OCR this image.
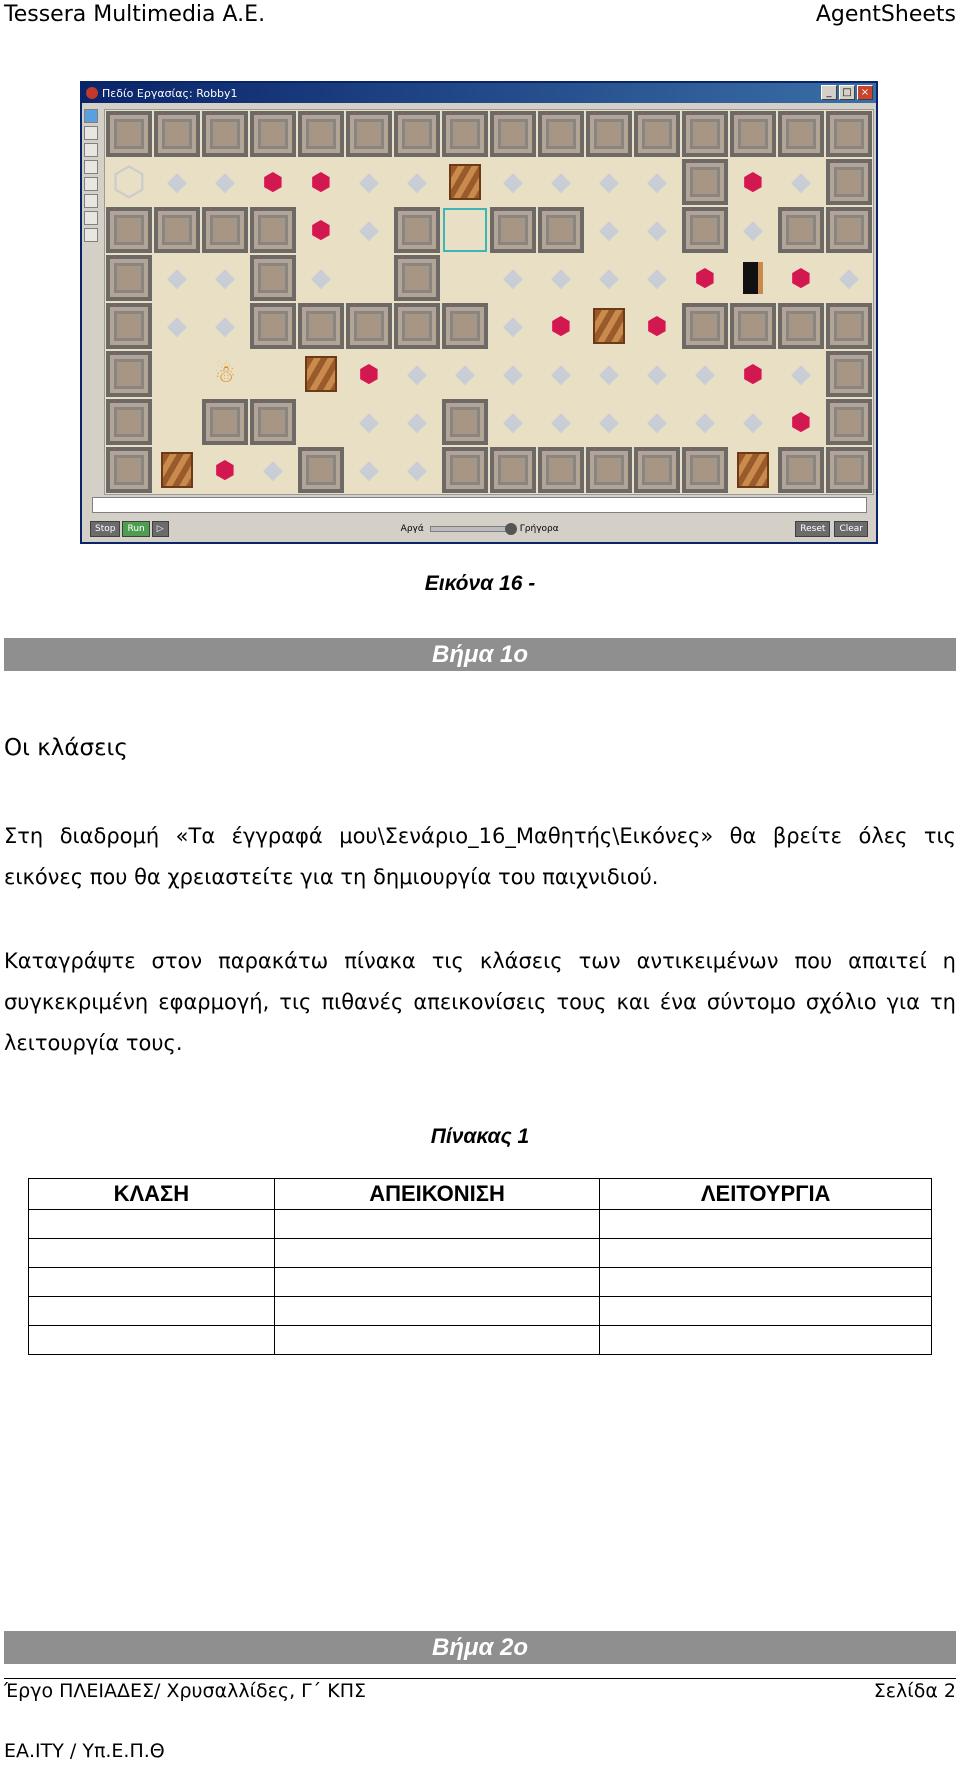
Tessera Multimedia A.E.	AgentSheets
Πεδίο Εργασίας: Robby1	_	□ ×
⬡ ◆	◆	⬢	⬢	◆	◆	◆	◆	◆	◆	⬢	◆
⬢	◆	◆	◆	◆
◆	◆	◆	◆	◆	◆	◆	⬢	⬢	◆
◆	◆	◆	⬢	⬢
☃	⬢	◆	◆	◆	◆	◆	◆	◆	⬢	◆
◆	◆	◆	◆	◆	◆	◆	◆	⬢
⬢	◆	◆	◆
Stop	Run	▷	Αργά	Γρήγορα	Reset	Clear
Εικόνα 16 -
Βήμα 1ο
Οι κλάσεις
Στη διαδρομή «Τα έγγραφά μου\Σενάριο_16_Μαθητής\Εικόνες» θα βρείτε όλες τις εικόνες που θα χρειαστείτε για τη δημιουργία του παιχνιδιού.
Καταγράψτε στον παρακάτω πίνακα τις κλάσεις των αντικειμένων που απαιτεί η συγκεκριμένη εφαρμογή, τις πιθανές απεικονίσεις τους και ένα σύντομο σχόλιο για τη λειτουργία τους.
Πίνακας 1
ΚΛΑΣΗ	ΑΠΕΙΚΟΝΙΣΗ	ΛΕΙΤΟΥΡΓΙΑ

Βήμα 2ο
Έργο ΠΛΕΙΑΔΕΣ/ Χρυσαλλίδες, Γ΄ ΚΠΣ	Σελίδα 2
ΕΑ.ΙΤΥ / Υπ.Ε.Π.Θ
